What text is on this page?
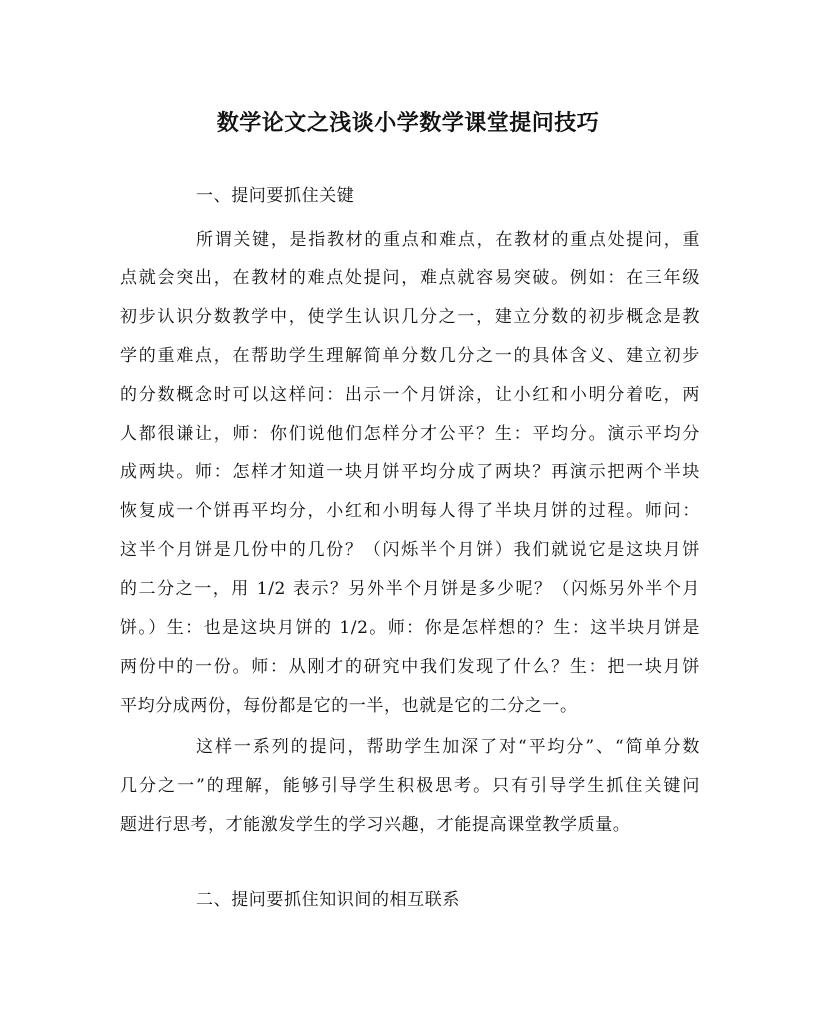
数学论文之浅谈小学数学课堂提问技巧
一、提问要抓住关键
所谓关键，是指教材的重点和难点，在教材的重点处提问，重
点就会突出，在教材的难点处提问，难点就容易突破。例如：在三年级
初步认识分数教学中，使学生认识几分之一，建立分数的初步概念是教
学的重难点，在帮助学生理解简单分数几分之一的具体含义、建立初步
的分数概念时可以这样问：出示一个月饼涂，让小红和小明分着吃，两
人都很谦让，师：你们说他们怎样分才公平？生：平均分。演示平均分
成两块。师：怎样才知道一块月饼平均分成了两块？再演示把两个半块
恢复成一个饼再平均分，小红和小明每人得了半块月饼的过程。师问：
这半个月饼是几份中的几份？（闪烁半个月饼）我们就说它是这块月饼
的二分之一，用 1/2 表示？另外半个月饼是多少呢？（闪烁另外半个月
饼。）生：也是这块月饼的 1/2。师：你是怎样想的？生：这半块月饼是
两份中的一份。师：从刚才的研究中我们发现了什么？生：把一块月饼
平均分成两份，每份都是它的一半，也就是它的二分之一。
这样一系列的提问，帮助学生加深了对“平均分”、“简单分数
几分之一”的理解，能够引导学生积极思考。只有引导学生抓住关键问
题进行思考，才能激发学生的学习兴趣，才能提高课堂教学质量。
二、提问要抓住知识间的相互联系
